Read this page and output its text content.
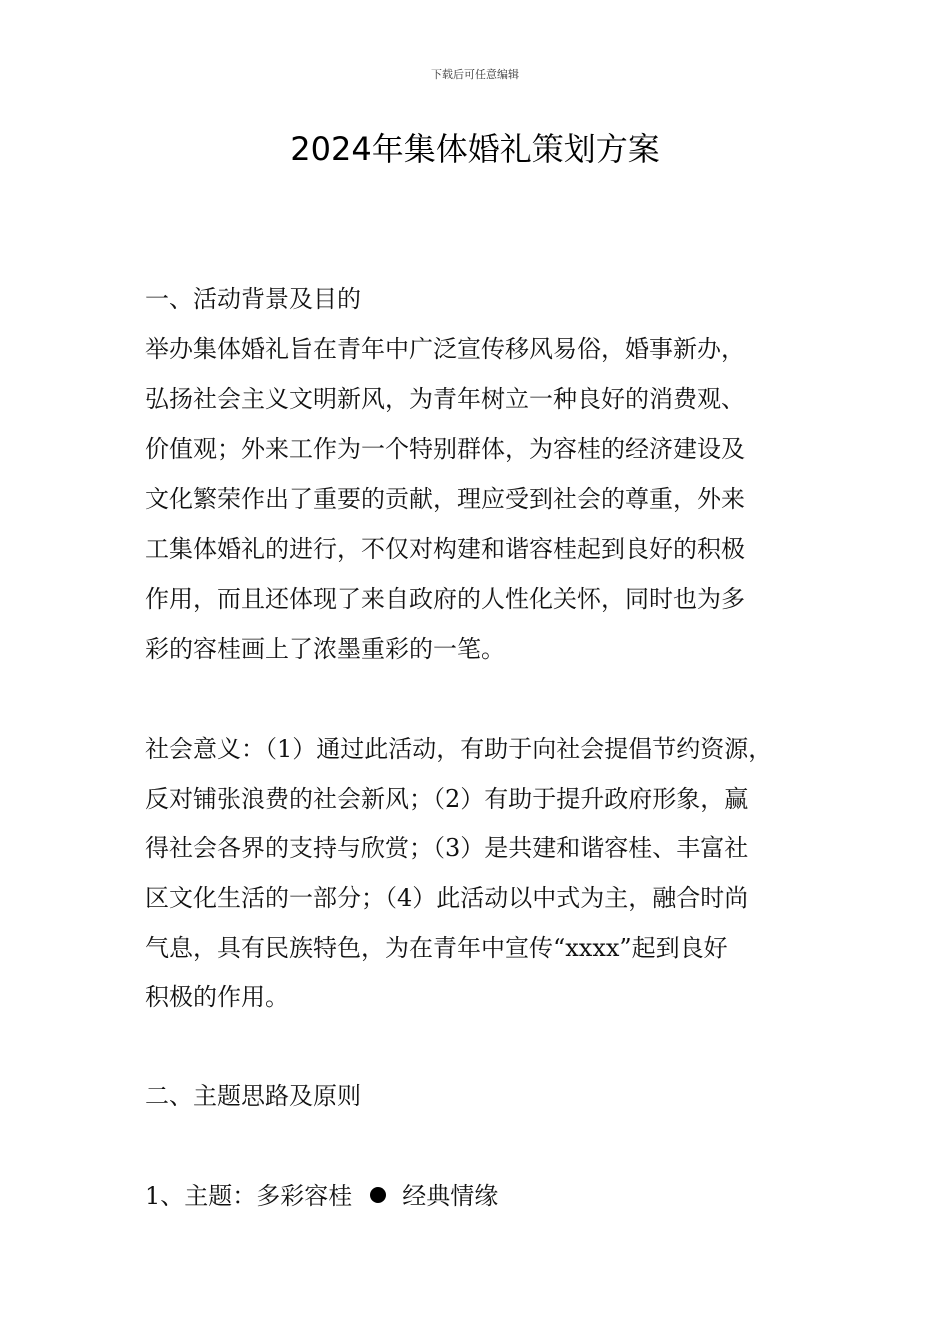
下载后可任意编辑
2024年集体婚礼策划方案
一、活动背景及目的
举办集体婚礼旨在青年中广泛宣传移风易俗，婚事新办，
弘扬社会主义文明新风，为青年树立一种良好的消费观、
价值观；外来工作为一个特别群体，为容桂的经济建设及
文化繁荣作出了重要的贡献，理应受到社会的尊重，外来
工集体婚礼的进行，不仅对构建和谐容桂起到良好的积极
作用，而且还体现了来自政府的人性化关怀，同时也为多
彩的容桂画上了浓墨重彩的一笔。
社会意义：（1）通过此活动，有助于向社会提倡节约资源，
反对铺张浪费的社会新风；（2）有助于提升政府形象，赢
得社会各界的支持与欣赏；（3）是共建和谐容桂、丰富社
区文化生活的一部分；（4）此活动以中式为主，融合时尚
气息，具有民族特色，为在青年中宣传“xxxx”起到良好
积极的作用。
二、主题思路及原则
1、主题：多彩容桂 经典情缘
